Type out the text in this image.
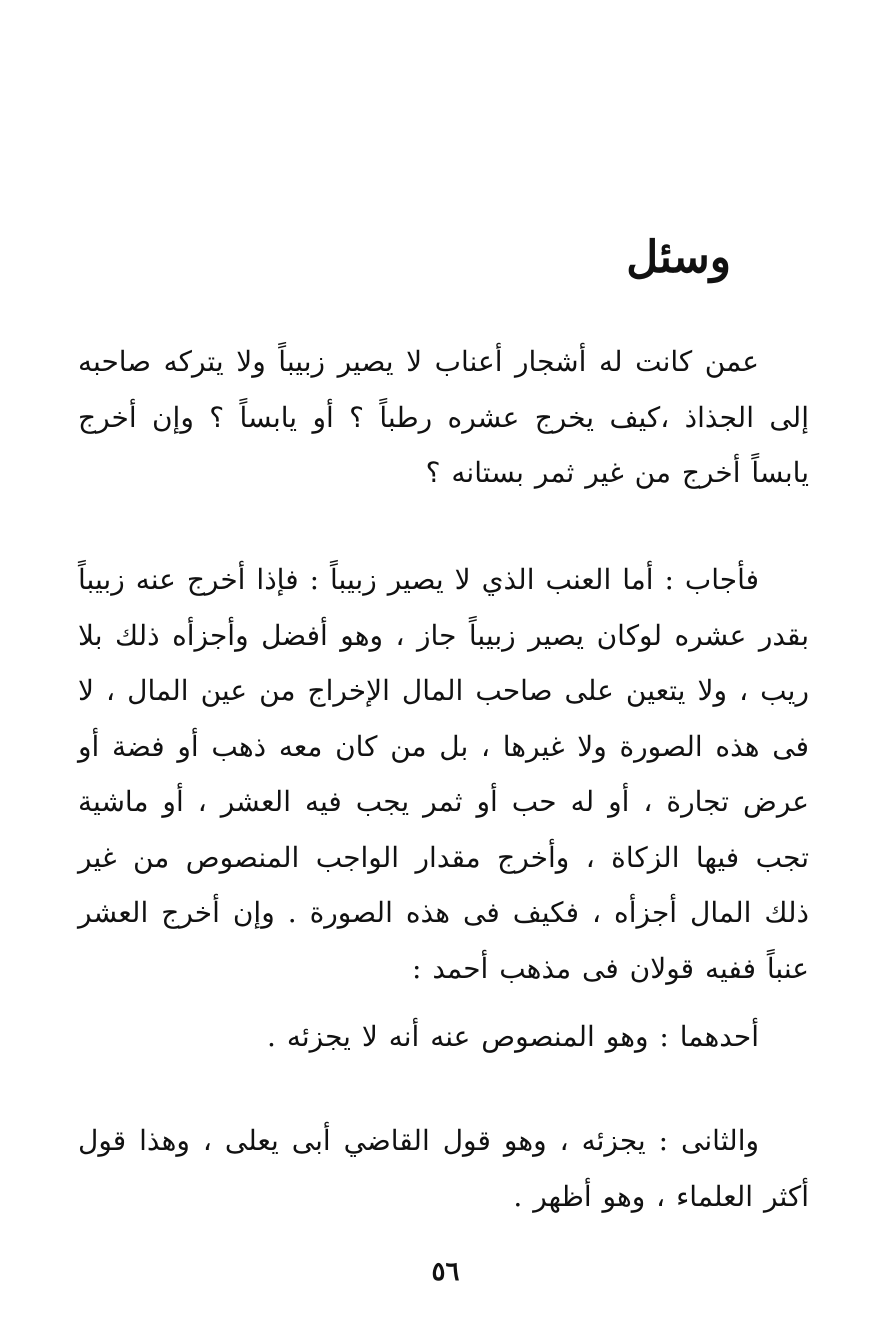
وسئل

عمن كانت له أشجار أعناب لا يصير زبيباً ولا يتركه صاحبه إلى الجذاذ ،كيف يخرج عشره رطباً ؟ أو يابساً ؟ وإن أخرج يابساً أخرج من غير ثمر بستانه ؟

فأجاب : أما العنب الذي لا يصير زبيباً : فإذا أخرج عنه زبيباً بقدر عشره لوكان يصير زبيباً جاز ، وهو أفضل وأجزأه ذلك بلا ريب ، ولا يتعين على صاحب المال الإخراج من عين المال ، لا فى هذه الصورة ولا غيرها ، بل من كان معه ذهب أو فضة أو عرض تجارة ، أو له حب أو ثمر يجب فيه العشر ، أو ماشية تجب فيها الزكاة ، وأخرج مقدار الواجب المنصوص من غير ذلك المال أجزأه ، فكيف فى هذه الصورة . وإن أخرج العشر عنباً ففيه قولان فى مذهب أحمد :

أحدهما : وهو المنصوص عنه أنه لا يجزئه .

والثانى : يجزئه ، وهو قول القاضي أبى يعلى ، وهذا قول أكثر العلماء ، وهو أظهر .

٥٦
